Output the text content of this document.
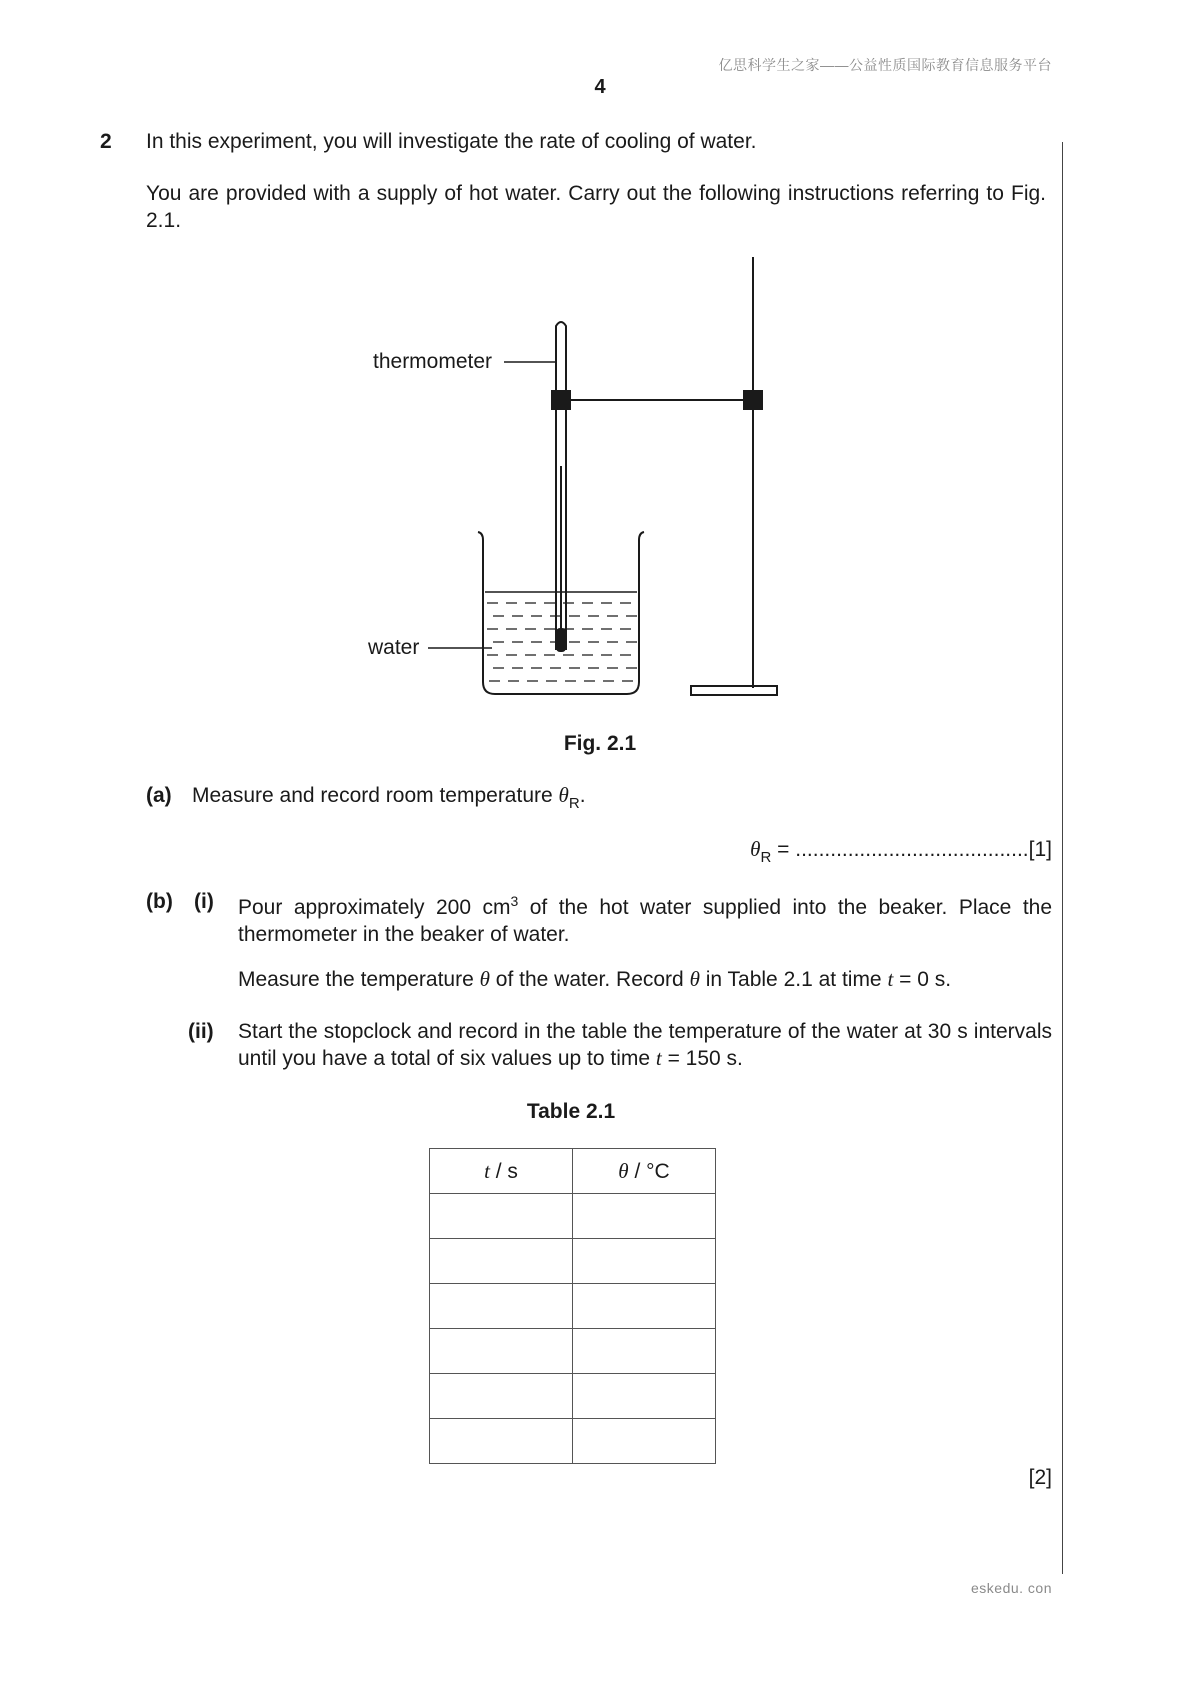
亿思科学生之家——公益性质国际教育信息服务平台
4
eskedu. con
2 In this experiment, you will investigate the rate of cooling of water.
You are provided with a supply of hot water. Carry out the following instructions referring to Fig. 2.1.
thermometer
water
Fig. 2.1
(a) Measure and record room temperature $\theta_R$.
$\theta_R = ........................................[1]$
(b) (i) Pour approximately 200 $cm^3$ of the hot water supplied into the beaker. Place the thermometer in the beaker of water.
Measure the temperature θ of the water. Record θ in Table 2.1 at time t = 0 s.
(ii) Start the stopclock and record in the table the temperature of the water at 30 s intervals until you have a total of six values up to time t = 150 s.
Table 2.1
t / s	θ / °C

[2]
